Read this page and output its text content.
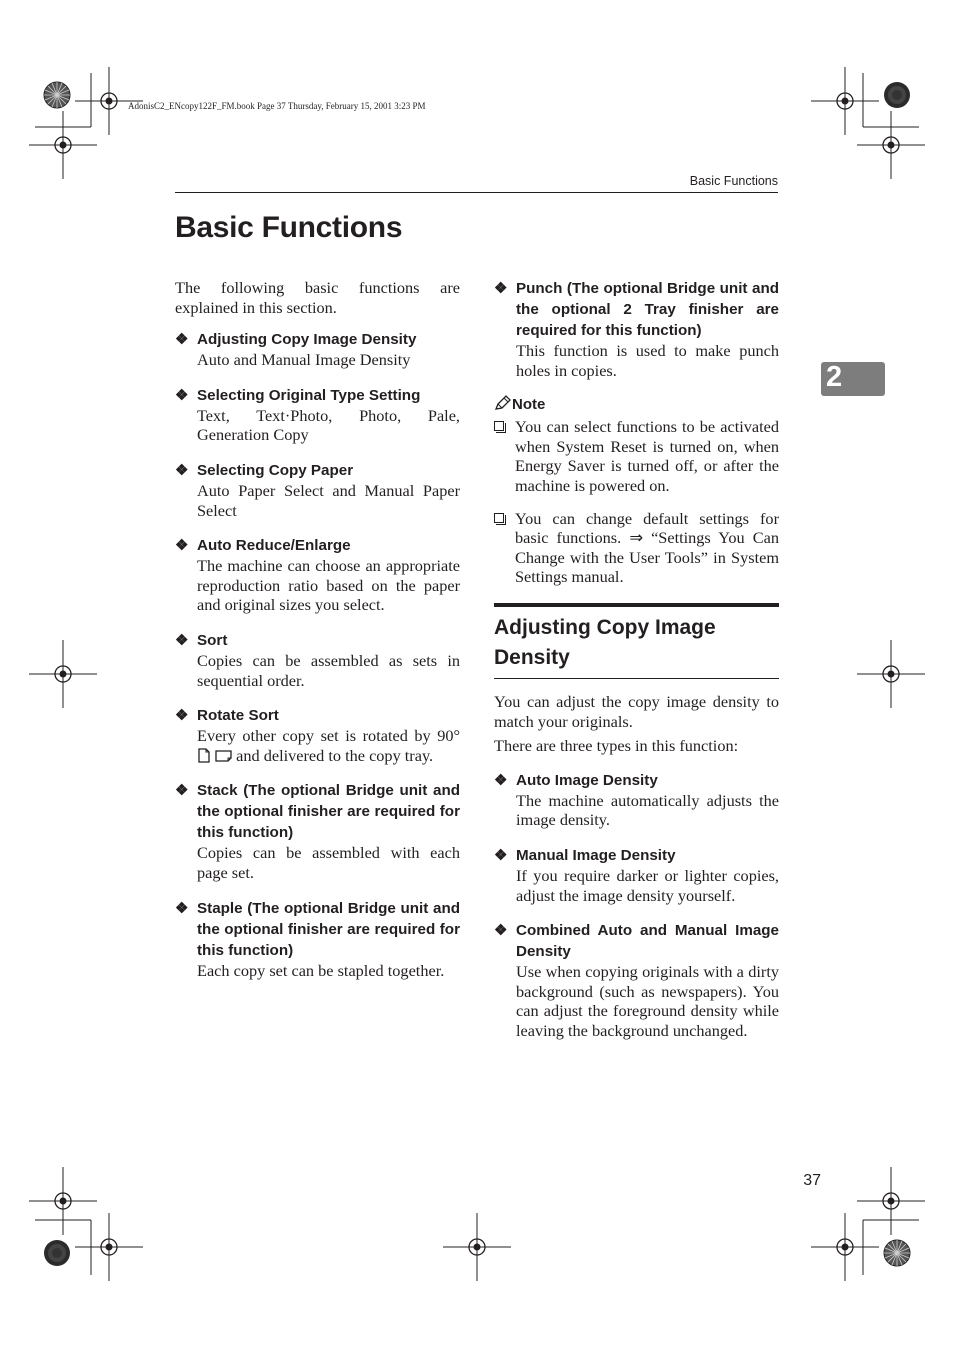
AdonisC2_ENcopy122F_FM.book Page 37 Thursday, February 15, 2001 3:23 PM
Basic Functions
Basic Functions
2

The following basic functions are explained in this section.

❖ Adjusting Copy Image Density
Auto and Manual Image Density
❖ Selecting Original Type Setting
Text, Text·Photo, Photo, Pale, Generation Copy
❖ Selecting Copy Paper
Auto Paper Select and Manual Paper Select
❖ Auto Reduce/Enlarge
The machine can choose an appropriate reproduction ratio based on the paper and original sizes you select.
❖ Sort
Copies can be assembled as sets in sequential order.
❖ Rotate Sort
Every other copy set is rotated by 90°   and delivered to the copy tray.
❖ Stack (The optional Bridge unit and the optional finisher are required for this function)
Copies can be assembled with each page set.
❖ Staple (The optional Bridge unit and the optional finisher are required for this function)
Each copy set can be stapled together.
❖ Punch (The optional Bridge unit and the optional 2 Tray finisher are required for this function)
This function is used to make punch holes in copies.
Note
You can select functions to be activated when System Reset is turned on, when Energy Saver is turned off, or after the machine is powered on.
You can change default settings for basic functions. ⇒ “Settings You Can Change with the User Tools” in System Settings manual.
Adjusting Copy Image Density

You can adjust the copy image density to match your originals.

There are three types in this function:

❖ Auto Image Density
The machine automatically adjusts the image density.
❖ Manual Image Density
If you require darker or lighter copies, adjust the image density yourself.
❖ Combined Auto and Manual Image Density
Use when copying originals with a dirty background (such as newspapers). You can adjust the foreground density while leaving the background unchanged.
37
